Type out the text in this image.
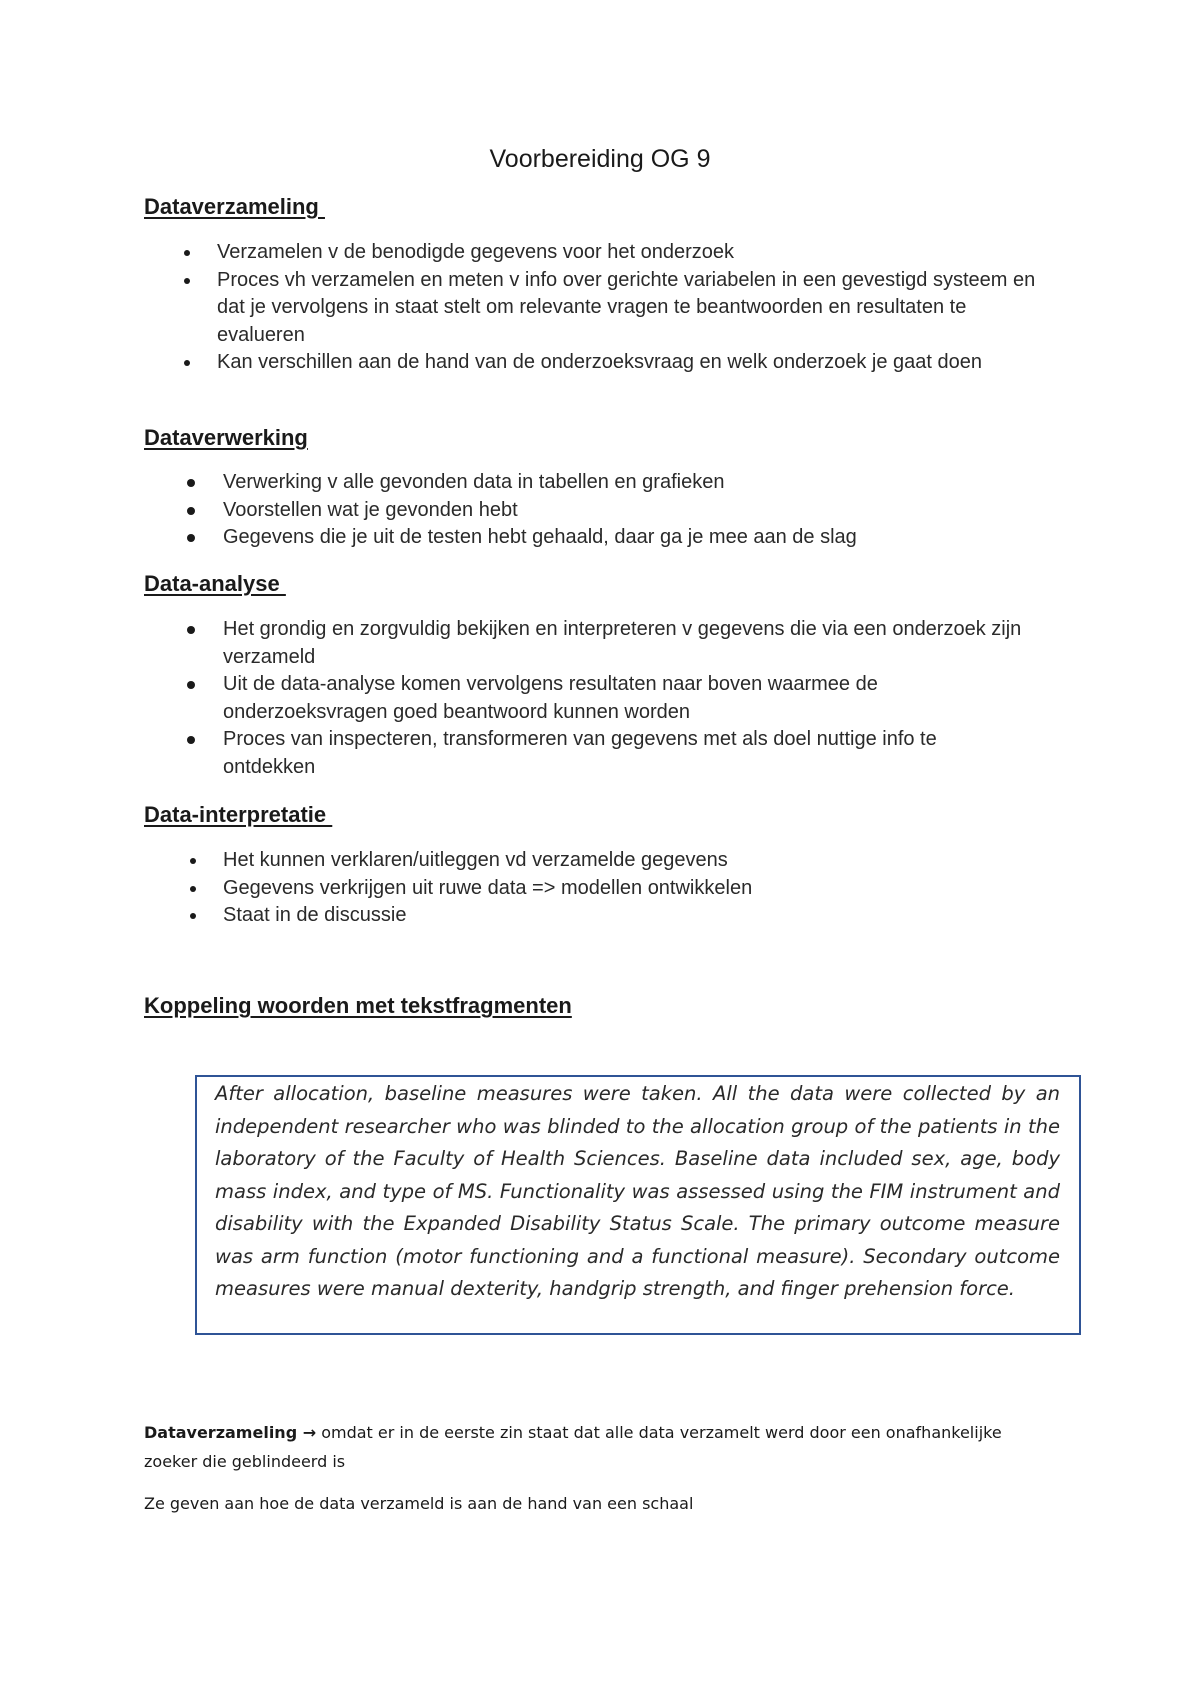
Voorbereiding OG 9
Dataverzameling
Verzamelen v de benodigde gegevens voor het onderzoek
Proces vh verzamelen en meten v info over gerichte variabelen in een gevestigd systeem en dat je vervolgens in staat stelt om relevante vragen te beantwoorden en resultaten te evalueren
Kan verschillen aan de hand van de onderzoeksvraag en welk onderzoek je gaat doen
Dataverwerking
Verwerking v alle gevonden data in tabellen en grafieken
Voorstellen wat je gevonden hebt
Gegevens die je uit de testen hebt gehaald, daar ga je mee aan de slag
Data-analyse
Het grondig en zorgvuldig bekijken en interpreteren v gegevens die via een onderzoek zijn verzameld
Uit de data-analyse komen vervolgens resultaten naar boven waarmee de onderzoeksvragen goed beantwoord kunnen worden
Proces van inspecteren, transformeren van gegevens met als doel nuttige info te ontdekken
Data-interpretatie
Het kunnen verklaren/uitleggen vd verzamelde gegevens
Gegevens verkrijgen uit ruwe data => modellen ontwikkelen
Staat in de discussie
Koppeling woorden met tekstfragmenten
After allocation, baseline measures were taken. All the data were collected by an independent researcher who was blinded to the allocation group of the patients in the laboratory of the Faculty of Health Sciences. Baseline data included sex, age, body mass index, and type of MS. Functionality was assessed using the FIM instrument and disability with the Expanded Disability Status Scale. The primary outcome measure was arm function (motor functioning and a functional measure). Secondary outcome measures were manual dexterity, handgrip strength, and finger prehension force.
Dataverzameling → omdat er in de eerste zin staat dat alle data verzamelt werd door een onafhankelijke zoeker die geblindeerd is
Ze geven aan hoe de data verzameld is aan de hand van een schaal
